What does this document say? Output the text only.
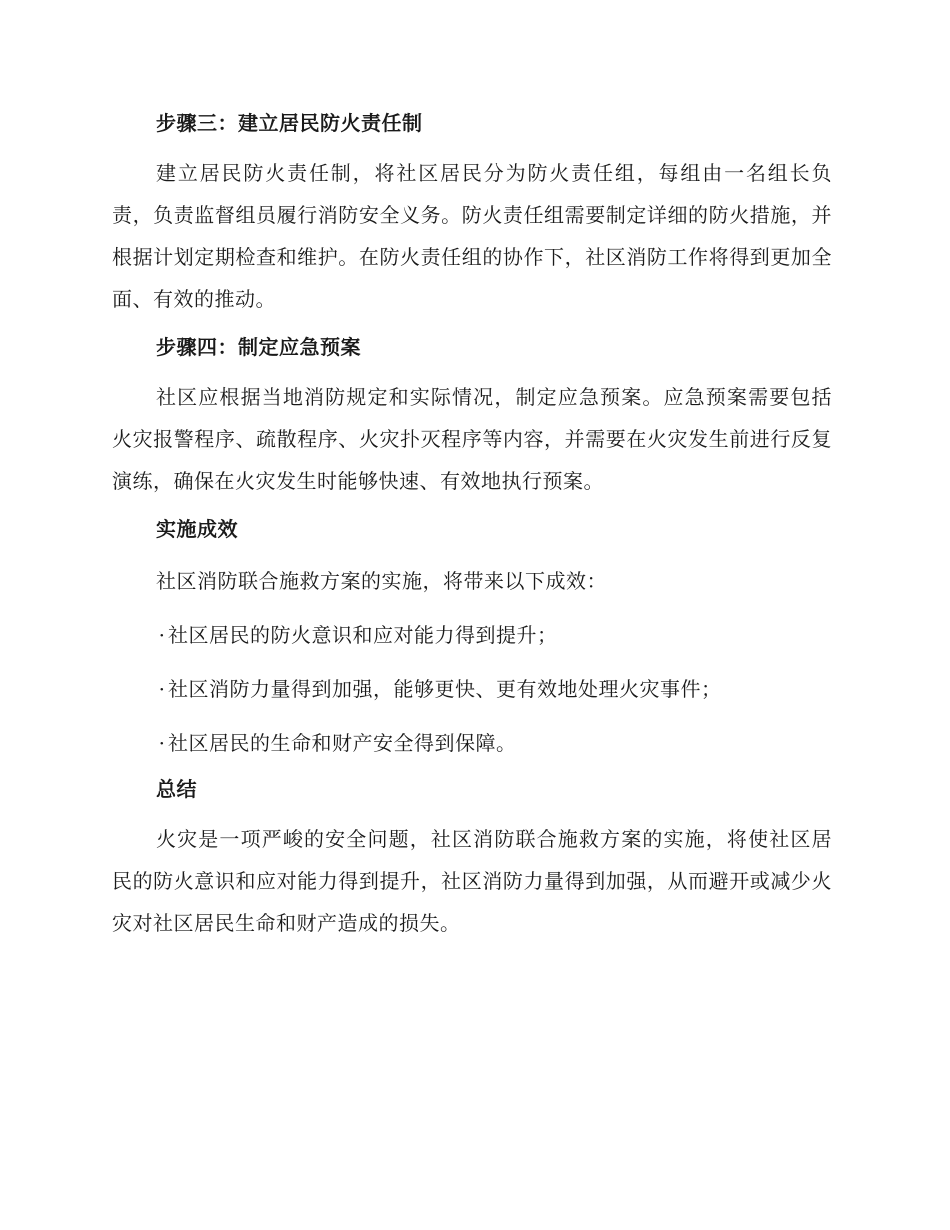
步骤三：建立居民防火责任制

建立居民防火责任制，将社区居民分为防火责任组，每组由一名组长负责，负责监督组员履行消防安全义务。防火责任组需要制定详细的防火措施，并根据计划定期检查和维护。在防火责任组的协作下，社区消防工作将得到更加全面、有效的推动。

步骤四：制定应急预案

社区应根据当地消防规定和实际情况，制定应急预案。应急预案需要包括火灾报警程序、疏散程序、火灾扑灭程序等内容，并需要在火灾发生前进行反复演练，确保在火灾发生时能够快速、有效地执行预案。

实施成效

社区消防联合施救方案的实施，将带来以下成效：

· 社区居民的防火意识和应对能力得到提升；
· 社区消防力量得到加强，能够更快、更有效地处理火灾事件；
· 社区居民的生命和财产安全得到保障。
总结

火灾是一项严峻的安全问题，社区消防联合施救方案的实施，将使社区居民的防火意识和应对能力得到提升，社区消防力量得到加强，从而避开或减少火灾对社区居民生命和财产造成的损失。
